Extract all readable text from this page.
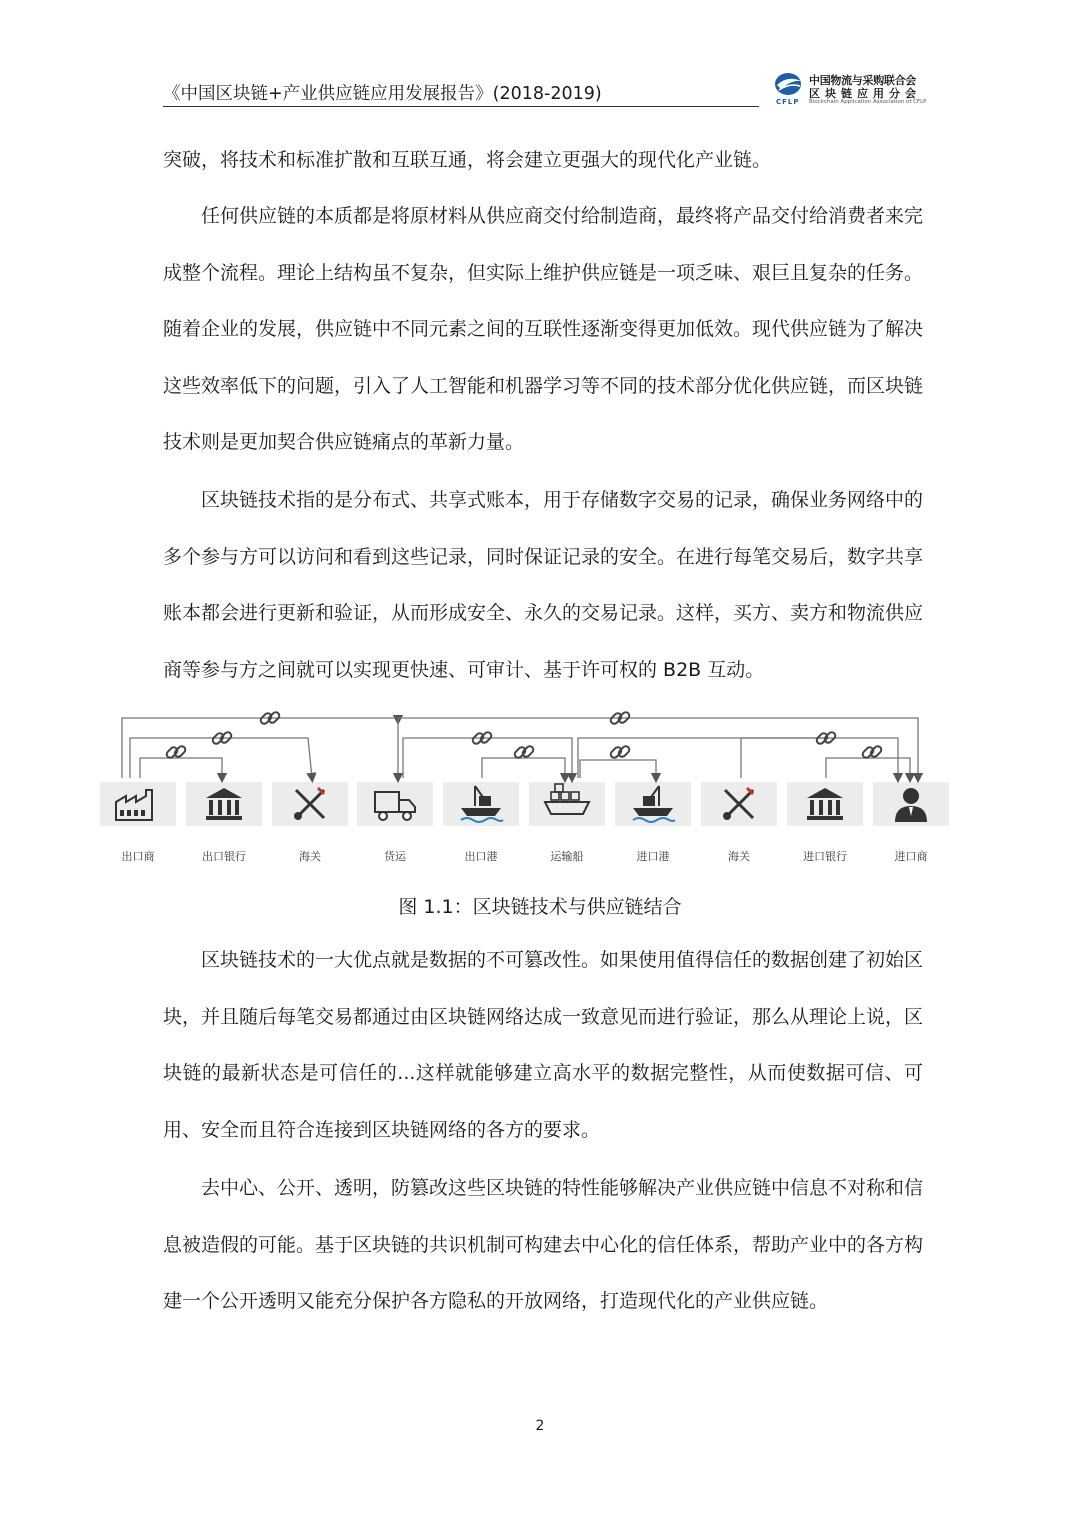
《中国区块链+产业供应链应用发展报告》(2018-2019)	CFLP
中国物流与采购联合会
区块链应用分会
Blockchain Application Association of CFLP

突破，将技术和标准扩散和互联互通，将会建立更强大的现代化产业链。

任何供应链的本质都是将原材料从供应商交付给制造商，最终将产品交付给消费者来完成整个流程。理论上结构虽不复杂，但实际上维护供应链是一项乏味、艰巨且复杂的任务。随着企业的发展，供应链中不同元素之间的互联性逐渐变得更加低效。现代供应链为了解决这些效率低下的问题，引入了人工智能和机器学习等不同的技术部分优化供应链，而区块链技术则是更加契合供应链痛点的革新力量。

区块链技术指的是分布式、共享式账本，用于存储数字交易的记录，确保业务网络中的多个参与方可以访问和看到这些记录，同时保证记录的安全。在进行每笔交易后，数字共享账本都会进行更新和验证，从而形成安全、永久的交易记录。这样，买方、卖方和物流供应商等参与方之间就可以实现更快速、可审计、基于许可权的 B2B 互动。

出口商	出口银行	海关	货运	出口港	运输船	进口港	海关	进口银行	进口商
图 1.1：区块链技术与供应链结合

区块链技术的一大优点就是数据的不可篡改性。如果使用值得信任的数据创建了初始区块，并且随后每笔交易都通过由区块链网络达成一致意见而进行验证，那么从理论上说，区块链的最新状态是可信任的...这样就能够建立高水平的数据完整性，从而使数据可信、可用、安全而且符合连接到区块链网络的各方的要求。

去中心、公开、透明，防篡改这些区块链的特性能够解决产业供应链中信息不对称和信息被造假的可能。基于区块链的共识机制可构建去中心化的信任体系，帮助产业中的各方构建一个公开透明又能充分保护各方隐私的开放网络，打造现代化的产业供应链。

2
